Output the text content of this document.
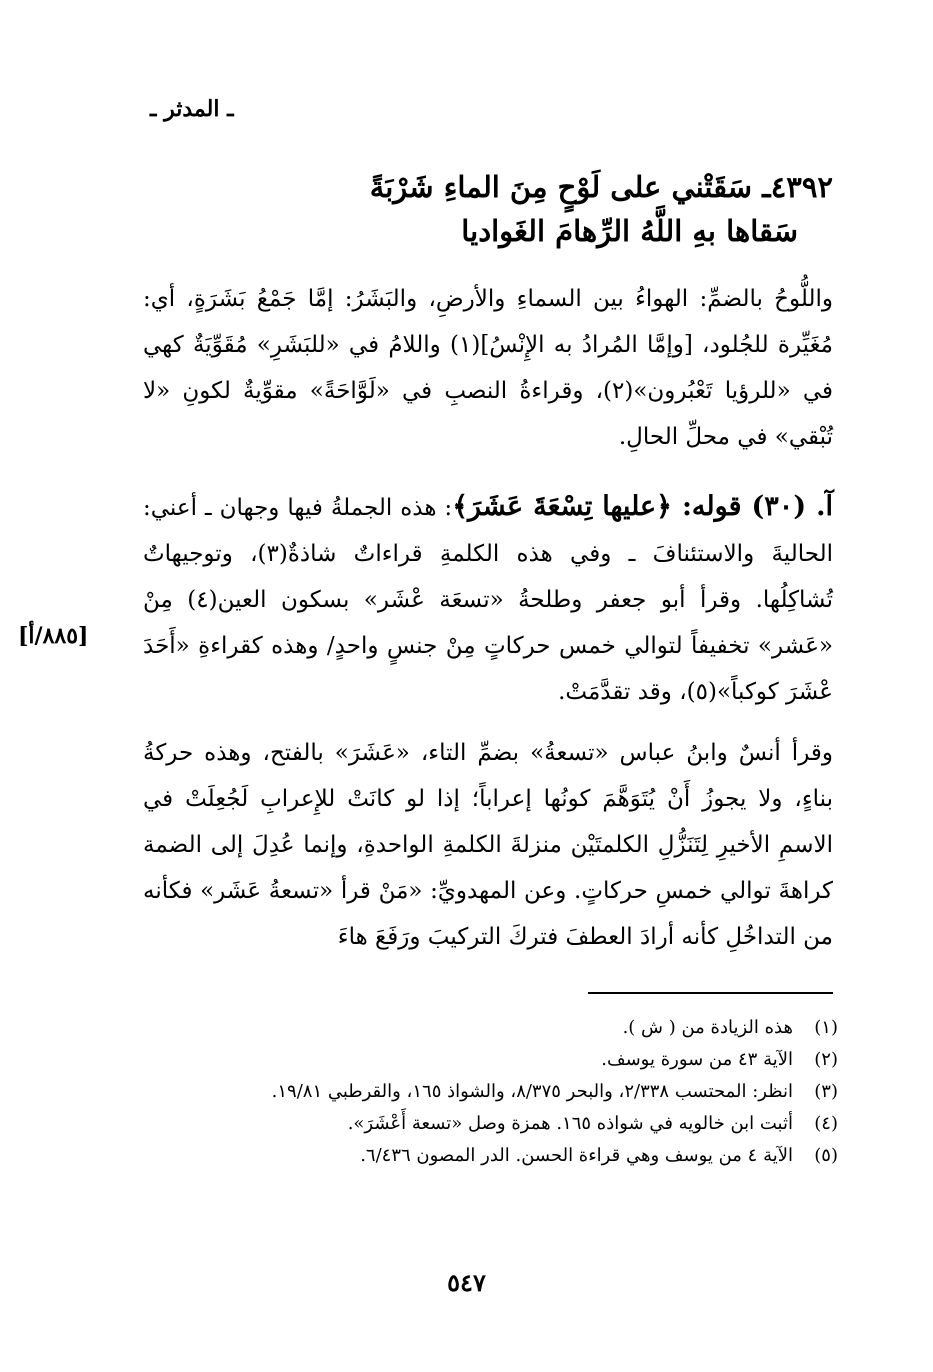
ـ المدثر ـ
٤٣٩٢ـ سَقَتْني على لَوْحٍ مِنَ الماءِ شَرْبَةً
سَقاها بهِ اللَّهُ الرِّهامَ الغَواديا

واللُّوحُ بالضمِّ: الهواءُ بين السماءِ والأرضِ، والبَشَرُ: إمَّا جَمْعُ بَشَرَةٍ، أي: مُغَيِّرة للجُلود، [وإمَّا المُرادُ به الإِنْسُ](١) واللامُ في «للبَشَرِ» مُقَوِّيَةٌ كهي في «للرؤيا تَعْبُرون»(٢)، وقراءةُ النصبِ في «لَوَّاحَةً» مقوِّيةٌ لكونِ «لا تُبْقي» في محلِّ الحالِ.

آ. (٣٠) قوله: ﴿عليها تِسْعَةَ عَشَرَ﴾: هذه الجملةُ فيها وجهان ـ أعني: الحاليةَ والاستئنافَ ـ وفي هذه الكلمةِ قراءاتٌ شاذةٌ(٣)، وتوجيهاتٌ تُشاكِلُها. وقرأ أبو جعفر وطلحةُ «تسعَة عْشَر» بسكون العين(٤) مِنْ «عَشر» تخفيفاً لتوالي خمس حركاتٍ مِنْ جنسٍ واحدٍ/ وهذه كقراءةِ «أَحَدَ عْشَرَ كوكباً»(٥)، وقد تقدَّمَتْ.

[٨٨٥/أ]

وقرأ أنسٌ وابنُ عباس «تسعةُ» بضمِّ التاء، «عَشَرَ» بالفتح، وهذه حركةُ بناءٍ، ولا يجوزُ أَنْ يُتَوَهَّمَ كونُها إعراباً؛ إذا لو كانَتْ للإِعرابِ لَجُعِلَتْ في الاسمِ الأخيرِ لِتَنَزُّلِ الكلمتَيْن منزلةَ الكلمةِ الواحدةِ، وإنما عُدِلَ إلى الضمة كراهةَ توالي خمسِ حركاتٍ. وعن المهدويِّ: «مَنْ قرأ «تسعةُ عَشَر» فكأنه من التداخُلِ كأنه أرادَ العطفَ فتركَ التركيبَ ورَفَعَ هاءَ

(١)
هذه الزيادة من ( ش ).
(٢)
الآية ٤٣ من سورة يوسف.
(٣)
انظر: المحتسب ٢/٣٣٨، والبحر ٨/٣٧٥، والشواذ ١٦٥، والقرطبي ١٩/٨١.
(٤)
أثبت ابن خالويه في شواذه ١٦٥. همزة وصل «تسعة أَعْشَرَ».
(٥)
الآية ٤ من يوسف وهي قراءة الحسن. الدر المصون ٦/٤٣٦.
٥٤٧
